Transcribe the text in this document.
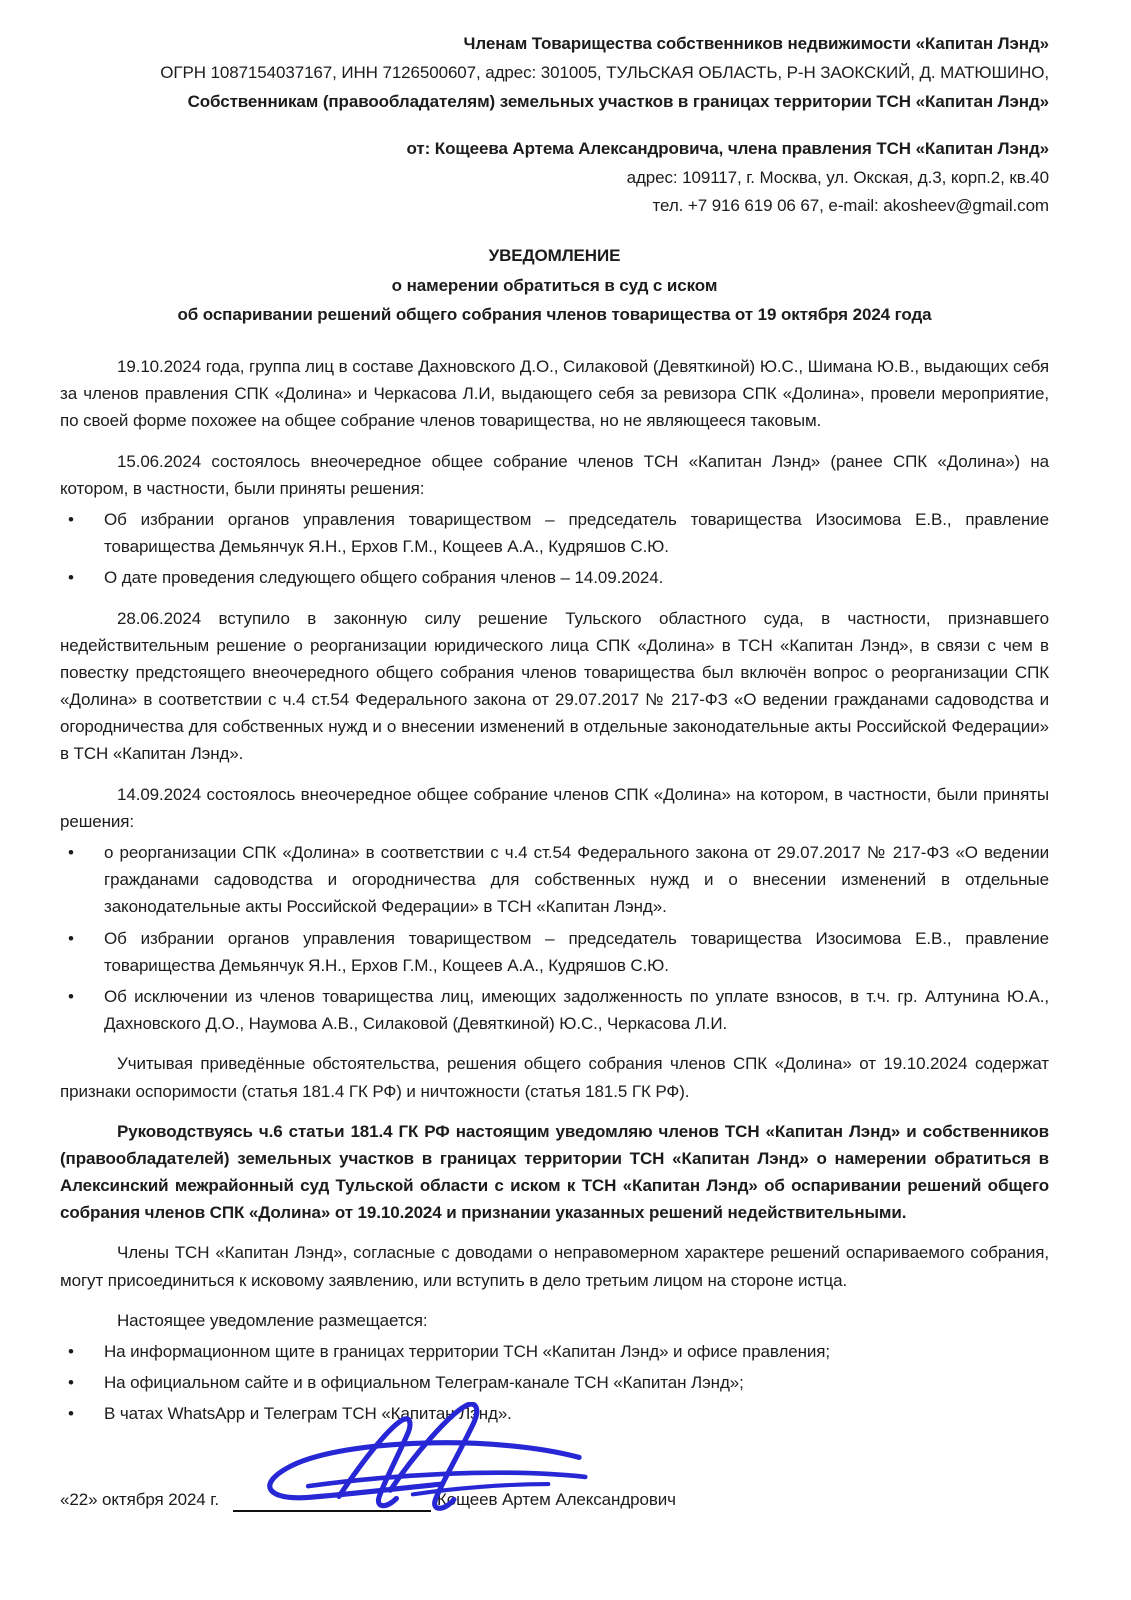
Членам Товарищества собственников недвижимости «Капитан Лэнд»
ОГРН 1087154037167, ИНН 7126500607, адрес: 301005, ТУЛЬСКАЯ ОБЛАСТЬ, Р-Н ЗАОКСКИЙ, Д. МАТЮШИНО,
Собственникам (правообладателям) земельных участков в границах территории ТСН «Капитан Лэнд»
от: Кощеева Артема Александровича, члена правления ТСН «Капитан Лэнд»
адрес: 109117, г. Москва, ул. Окская, д.3, корп.2, кв.40
тел. +7 916 619 06 67, e-mail: akosheev@gmail.com
УВЕДОМЛЕНИЕ
о намерении обратиться в суд с иском
об оспаривании решений общего собрания членов товарищества от 19 октября 2024 года

19.10.2024 года, группа лиц в составе Дахновского Д.О., Силаковой (Девяткиной) Ю.С., Шимана Ю.В., выдающих себя за членов правления СПК «Долина» и Черкасова Л.И, выдающего себя за ревизора СПК «Долина», провели мероприятие, по своей форме похожее на общее собрание членов товарищества, но не являющееся таковым.

15.06.2024 состоялось внеочередное общее собрание членов ТСН «Капитан Лэнд» (ранее СПК «Долина») на котором, в частности, были приняты решения:

•	Об избрании органов управления товариществом – председатель товарищества Изосимова Е.В., правление товарищества Демьянчук Я.Н., Ерхов Г.М., Кощеев А.А., Кудряшов С.Ю.
•	О дате проведения следующего общего собрания членов – 14.09.2024.

28.06.2024 вступило в законную силу решение Тульского областного суда, в частности, признавшего недействительным решение о реорганизации юридического лица СПК «Долина» в ТСН «Капитан Лэнд», в связи с чем в повестку предстоящего внеочередного общего собрания членов товарищества был включён вопрос о реорганизации СПК «Долина» в соответствии с ч.4 ст.54 Федерального закона от 29.07.2017 № 217-ФЗ «О ведении гражданами садоводства и огородничества для собственных нужд и о внесении изменений в отдельные законодательные акты Российской Федерации» в ТСН «Капитан Лэнд».

14.09.2024 состоялось внеочередное общее собрание членов СПК «Долина» на котором, в частности, были приняты решения:

•	о реорганизации СПК «Долина» в соответствии с ч.4 ст.54 Федерального закона от 29.07.2017 № 217-ФЗ «О ведении гражданами садоводства и огородничества для собственных нужд и о внесении изменений в отдельные законодательные акты Российской Федерации» в ТСН «Капитан Лэнд».
•	Об избрании органов управления товариществом – председатель товарищества Изосимова Е.В., правление товарищества Демьянчук Я.Н., Ерхов Г.М., Кощеев А.А., Кудряшов С.Ю.
•	Об исключении из членов товарищества лиц, имеющих задолженность по уплате взносов, в т.ч. гр. Алтунина Ю.А., Дахновского Д.О., Наумова А.В., Силаковой (Девяткиной) Ю.С., Черкасова Л.И.

Учитывая приведённые обстоятельства, решения общего собрания членов СПК «Долина» от 19.10.2024 содержат признаки оспоримости (статья 181.4 ГК РФ) и ничтожности (статья 181.5 ГК РФ).

Руководствуясь ч.6 статьи 181.4 ГК РФ настоящим уведомляю членов ТСН «Капитан Лэнд» и собственников (правообладателей) земельных участков в границах территории ТСН «Капитан Лэнд» о намерении обратиться в Алексинский межрайонный суд Тульской области с иском к ТСН «Капитан Лэнд» об оспаривании решений общего собрания членов СПК «Долина» от 19.10.2024 и признании указанных решений недействительными.

Члены ТСН «Капитан Лэнд», согласные с доводами о неправомерном характере решений оспариваемого собрания, могут присоединиться к исковому заявлению, или вступить в дело третьим лицом на стороне истца.

Настоящее уведомление размещается:

•	На информационном щите в границах территории ТСН «Капитан Лэнд» и офисе правления;
•	На официальном сайте и в официальном Телеграм-канале ТСН «Капитан Лэнд»;
•	В чатах WhatsApp и Телеграм ТСН «Капитан Лэнд».
«22» октября 2024 г.	Кощеев Артем Александрович
